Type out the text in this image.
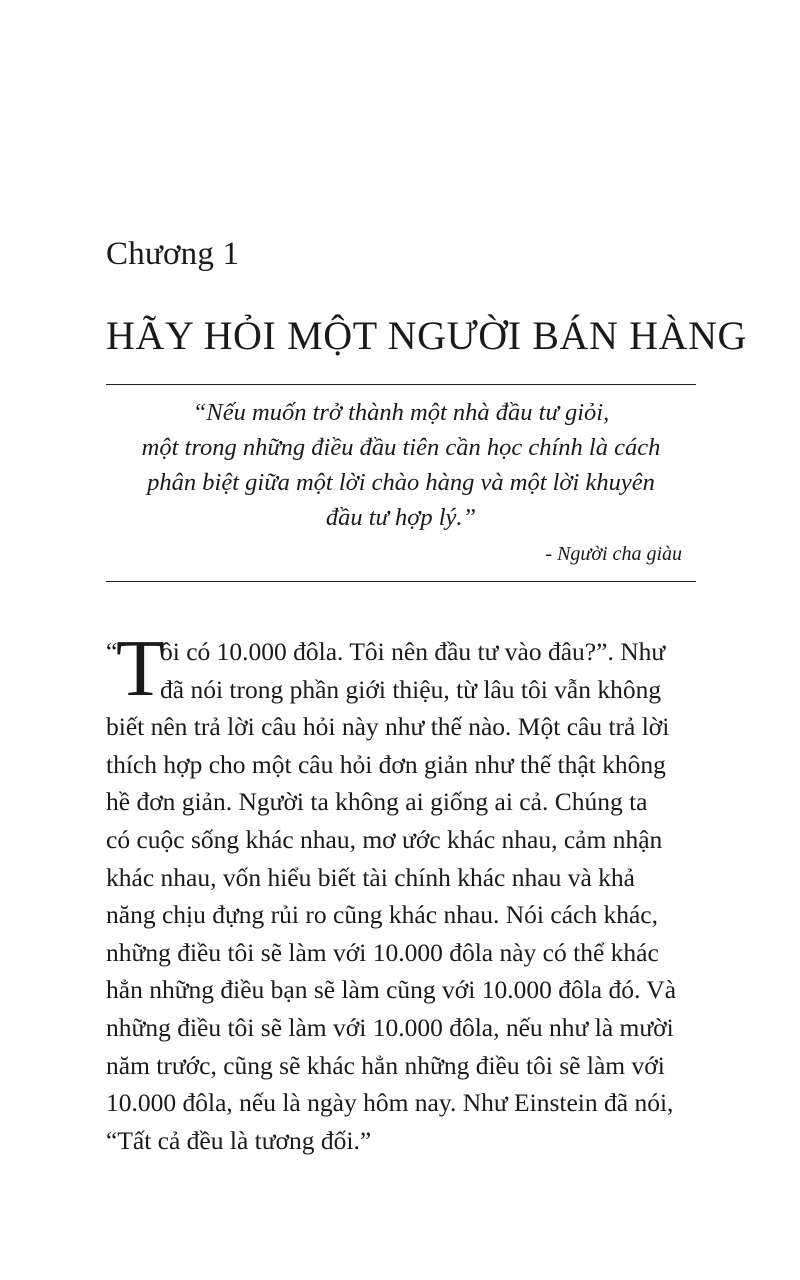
Chương 1
HÃY HỎI MỘT NGƯỜI BÁN HÀNG
“Nếu muốn trở thành một nhà đầu tư giỏi,
một trong những điều đầu tiên cần học chính là cách
phân biệt giữa một lời chào hàng và một lời khuyên
đầu tư hợp lý.”
- Người cha giàu
“
T
ôi có 10.000 đôla. Tôi nên đầu tư vào đâu?”. Như
đã nói trong phần giới thiệu, từ lâu tôi vẫn không
biết nên trả lời câu hỏi này như thế nào. Một câu trả lời
thích hợp cho một câu hỏi đơn giản như thế thật không
hề đơn giản. Người ta không ai giống ai cả. Chúng ta
có cuộc sống khác nhau, mơ ước khác nhau, cảm nhận
khác nhau, vốn hiểu biết tài chính khác nhau và khả
năng chịu đựng rủi ro cũng khác nhau. Nói cách khác,
những điều tôi sẽ làm với 10.000 đôla này có thể khác
hẳn những điều bạn sẽ làm cũng với 10.000 đôla đó. Và
những điều tôi sẽ làm với 10.000 đôla, nếu như là mười
năm trước, cũng sẽ khác hẳn những điều tôi sẽ làm với
10.000 đôla, nếu là ngày hôm nay. Như Einstein đã nói,
“Tất cả đều là tương đối.”
